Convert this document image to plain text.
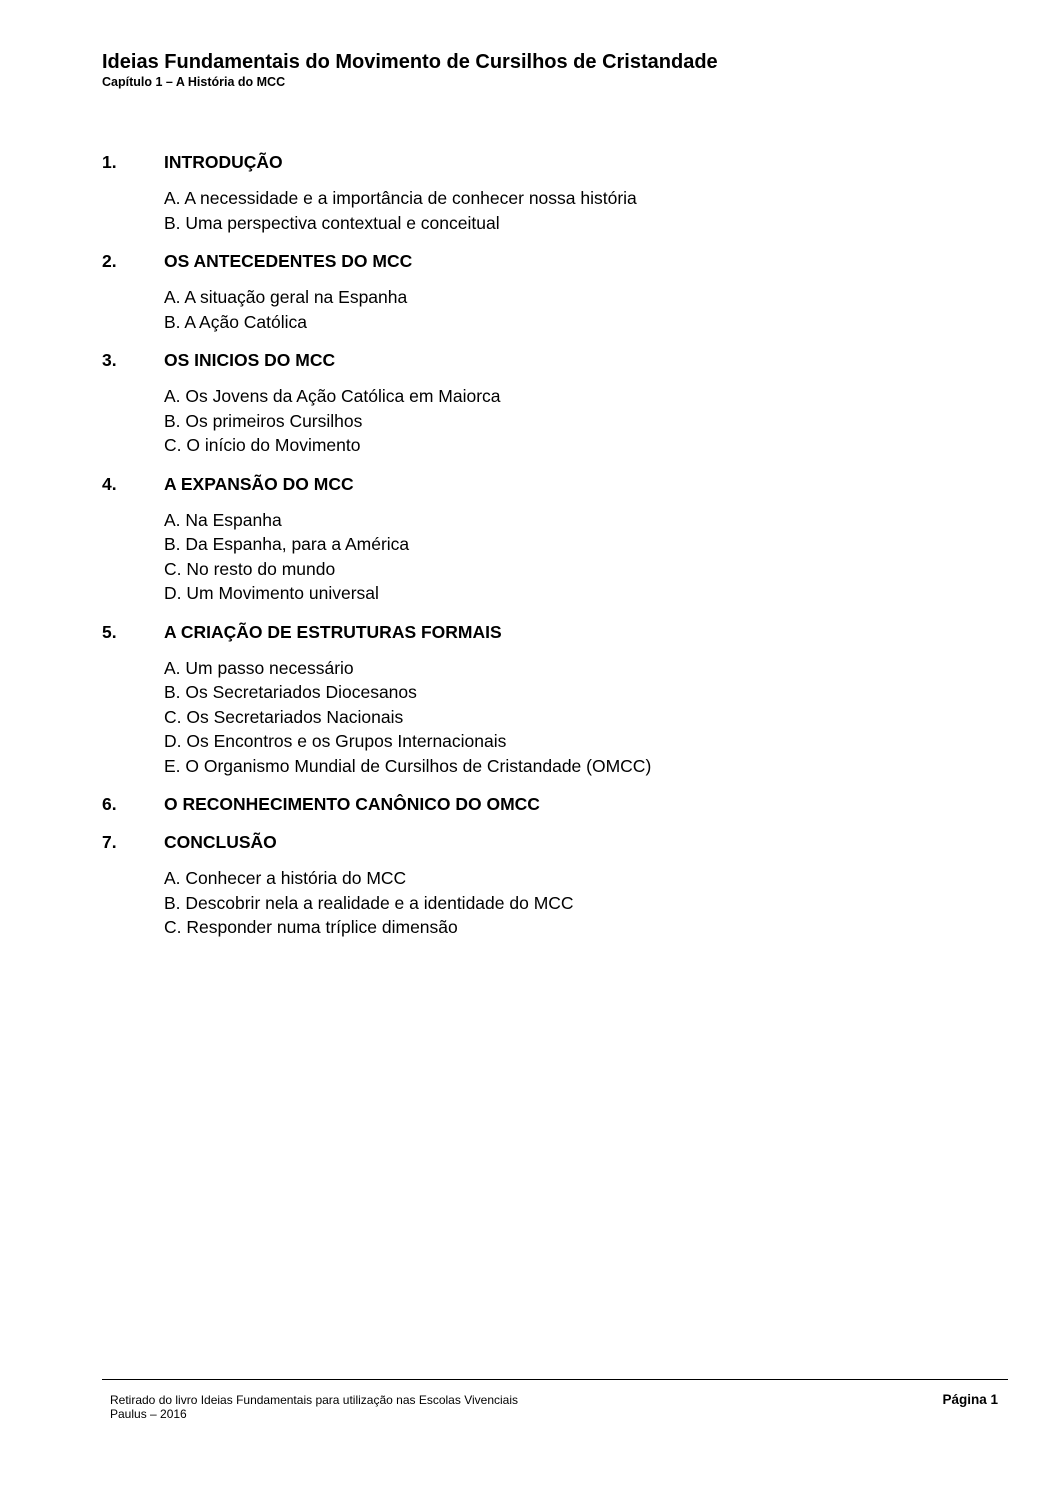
Ideias Fundamentais do Movimento de Cursilhos de Cristandade

Capítulo 1 – A História do MCC

1.	INTRODUÇÃO
A. A necessidade e a importância de conhecer nossa história
B. Uma perspectiva contextual e conceitual
2.	OS ANTECEDENTES DO MCC
A. A situação geral na Espanha
B. A Ação Católica
3.	OS INICIOS DO MCC
A. Os Jovens da Ação Católica em Maiorca
B. Os primeiros Cursilhos
C. O início do Movimento
4.	A EXPANSÃO DO MCC
A. Na Espanha
B. Da Espanha, para a América
C. No resto do mundo
D. Um Movimento universal
5.	A CRIAÇÃO DE ESTRUTURAS FORMAIS
A. Um passo necessário
B. Os Secretariados Diocesanos
C. Os Secretariados Nacionais
D. Os Encontros e os Grupos Internacionais
E. O Organismo Mundial de Cursilhos de Cristandade (OMCC)
6.	O RECONHECIMENTO CANÔNICO DO OMCC
7.	CONCLUSÃO
A. Conhecer a história do MCC
B. Descobrir nela a realidade e a identidade do MCC
C. Responder numa tríplice dimensão
Retirado do livro Ideias Fundamentais para utilização nas Escolas Vivenciais
Paulus – 2016
Página 1
